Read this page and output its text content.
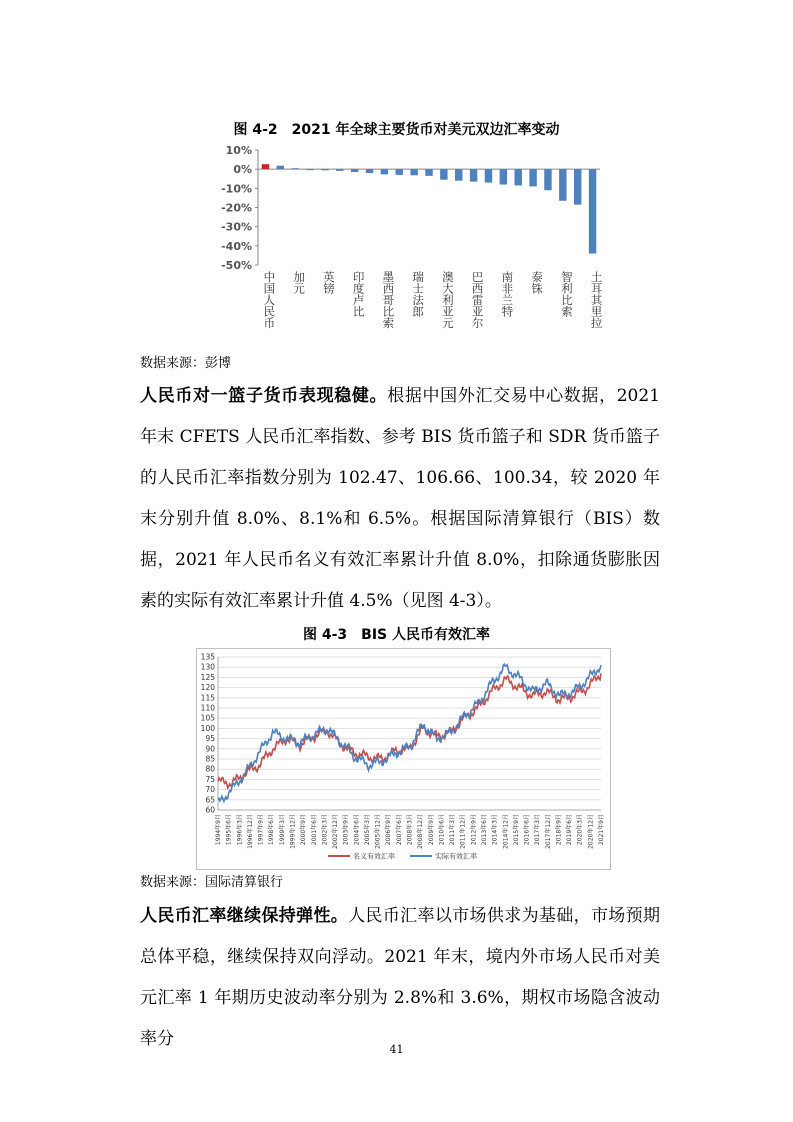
图 4-2　2021 年全球主要货币对美元双边汇率变动
10%
0%
-10%
-20%
-30%
-40%
-50%
中国人民币 加元 英镑 印度卢比 墨西哥比索 瑞士法郎 澳大利亚元 巴西雷亚尔 南非兰特 泰铢 智利比索 土耳其里拉
数据来源：彭博

人民币对一篮子货币表现稳健。根据中国外汇交易中心数据，2021 年末 CFETS 人民币汇率指数、参考 BIS 货币篮子和 SDR 货币篮子的人民币汇率指数分别为 102.47、106.66、100.34，较 2020 年末分别升值 8.0%、8.1%和 6.5%。根据国际清算银行（BIS）数据，2021 年人民币名义有效汇率累计升值 8.0%，扣除通货膨胀因素的实际有效汇率累计升值 4.5%（见图 4-3）。

图 4-3　BIS 人民币有效汇率
135
130
125
120
115
110
105
100
95
90
85
80
75
70
65
60
1994年9月 1995年6月 1996年3月 1996年12月 1997年9月 1998年6月 1999年3月 1999年12月 2000年9月 2001年6月 2002年3月 2002年12月 2003年9月 2004年6月 2005年3月 2005年12月 2006年9月 2007年6月 2008年3月 2008年12月 2009年9月 2010年6月 2011年3月 2011年12月 2012年9月 2013年6月 2014年3月 2014年12月 2015年9月 2016年6月 2017年3月 2017年12月 2018年9月 2019年6月 2020年3月 2020年12月 2021年9月
名义有效汇率	实际有效汇率
数据来源：国际清算银行

人民币汇率继续保持弹性。人民币汇率以市场供求为基础，市场预期总体平稳，继续保持双向浮动。2021 年末，境内外市场人民币对美元汇率 1 年期历史波动率分别为 2.8%和 3.6%，期权市场隐含波动率分

41
